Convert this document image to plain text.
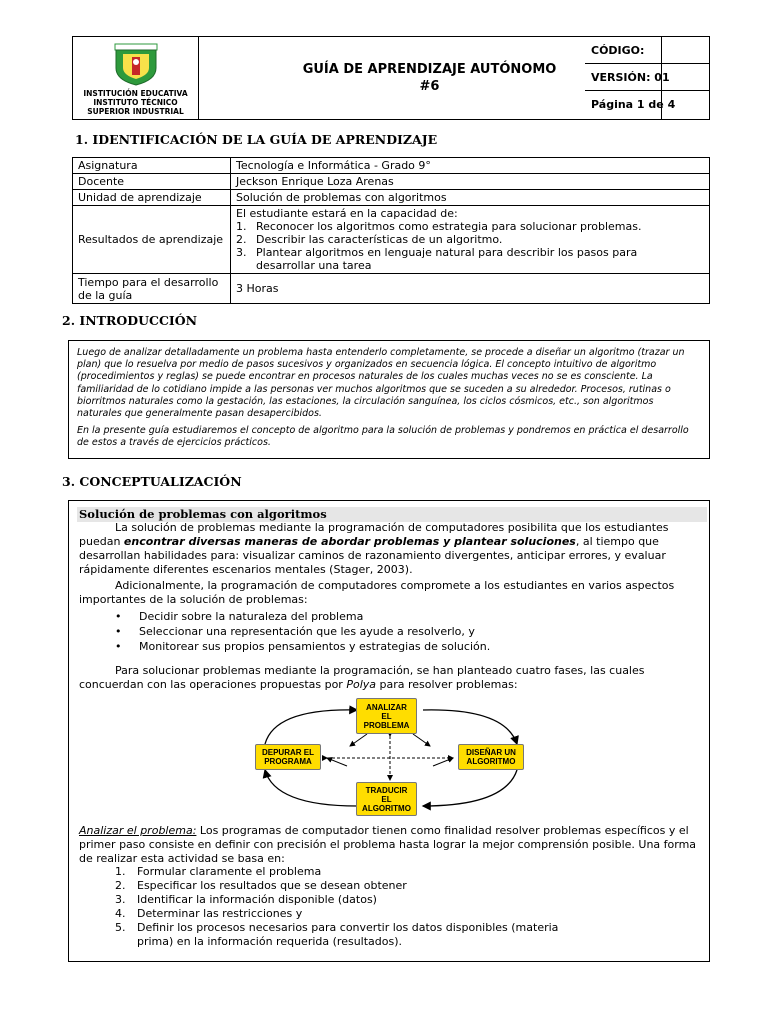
INSTITUCIÓN EDUCATIVA
INSTITUTO TÉCNICO
SUPERIOR INDUSTRIAL
GUÍA DE APRENDIZAJE AUTÓNOMO
#6
CÓDIGO:
VERSIÓN: 01
Página 1 de 4
1. IDENTIFICACIÓN DE LA GUÍA DE APRENDIZAJE
Asignatura	Tecnología e Informática - Grado 9°
Docente	Jeckson Enrique Loza Arenas
Unidad de aprendizaje	Solución de problemas con algoritmos
Resultados de aprendizaje	El estudiante estará en la capacidad de:
1. Reconocer los algoritmos como estrategia para solucionar problemas.
2. Describir las características de un algoritmo.
3. Plantear algoritmos en lenguaje natural para describir los pasos para
desarrollar una tarea

Tiempo para el desarrollo de la guía	3 Horas
2. INTRODUCCIÓN

Luego de analizar detalladamente un problema hasta entenderlo completamente, se procede a diseñar un algoritmo (trazar un plan) que lo resuelva por medio de pasos sucesivos y organizados en secuencia lógica. El concepto intuitivo de algoritmo (procedimientos y reglas) se puede encontrar en procesos naturales de los cuales muchas veces no se es consciente. La familiaridad de lo cotidiano impide a las personas ver muchos algoritmos que se suceden a su alrededor. Procesos, rutinas o biorritmos naturales como la gestación, las estaciones, la circulación sanguínea, los ciclos cósmicos, etc., son algoritmos naturales que generalmente pasan desapercibidos.

En la presente guía estudiaremos el concepto de algoritmo para la solución de problemas y pondremos en práctica el desarrollo de estos a través de ejercicios prácticos.

3. CONCEPTUALIZACIÓN
Solución de problemas con algoritmos

La solución de problemas mediante la programación de computadores posibilita que los estudiantes puedan encontrar diversas maneras de abordar problemas y plantear soluciones, al tiempo que desarrollan habilidades para: visualizar caminos de razonamiento divergentes, anticipar errores, y evaluar rápidamente diferentes escenarios mentales (Stager, 2003).

Adicionalmente, la programación de computadores compromete a los estudiantes en varios aspectos importantes de la solución de problemas:

• Decidir sobre la naturaleza del problema
• Seleccionar una representación que les ayude a resolverlo, y
• Monitorear sus propios pensamientos y estrategias de solución.

Para solucionar problemas mediante la programación, se han planteado cuatro fases, las cuales concuerdan con las operaciones propuestas por Polya para resolver problemas:

ANALIZAR
EL
PROBLEMA
DISEÑAR UN
ALGORITMO
TRADUCIR
EL
ALGORITMO
DEPURAR EL
PROGRAMA

Analizar el problema: Los programas de computador tienen como finalidad resolver problemas específicos y el primer paso consiste en definir con precisión el problema hasta lograr la mejor comprensión posible. Una forma de realizar esta actividad se basa en:

1. Formular claramente el problema
2. Especificar los resultados que se desean obtener
3. Identificar la información disponible (datos)
4. Determinar las restricciones y
5. Definir los procesos necesarios para convertir los datos disponibles (materia
prima) en la información requerida (resultados).
